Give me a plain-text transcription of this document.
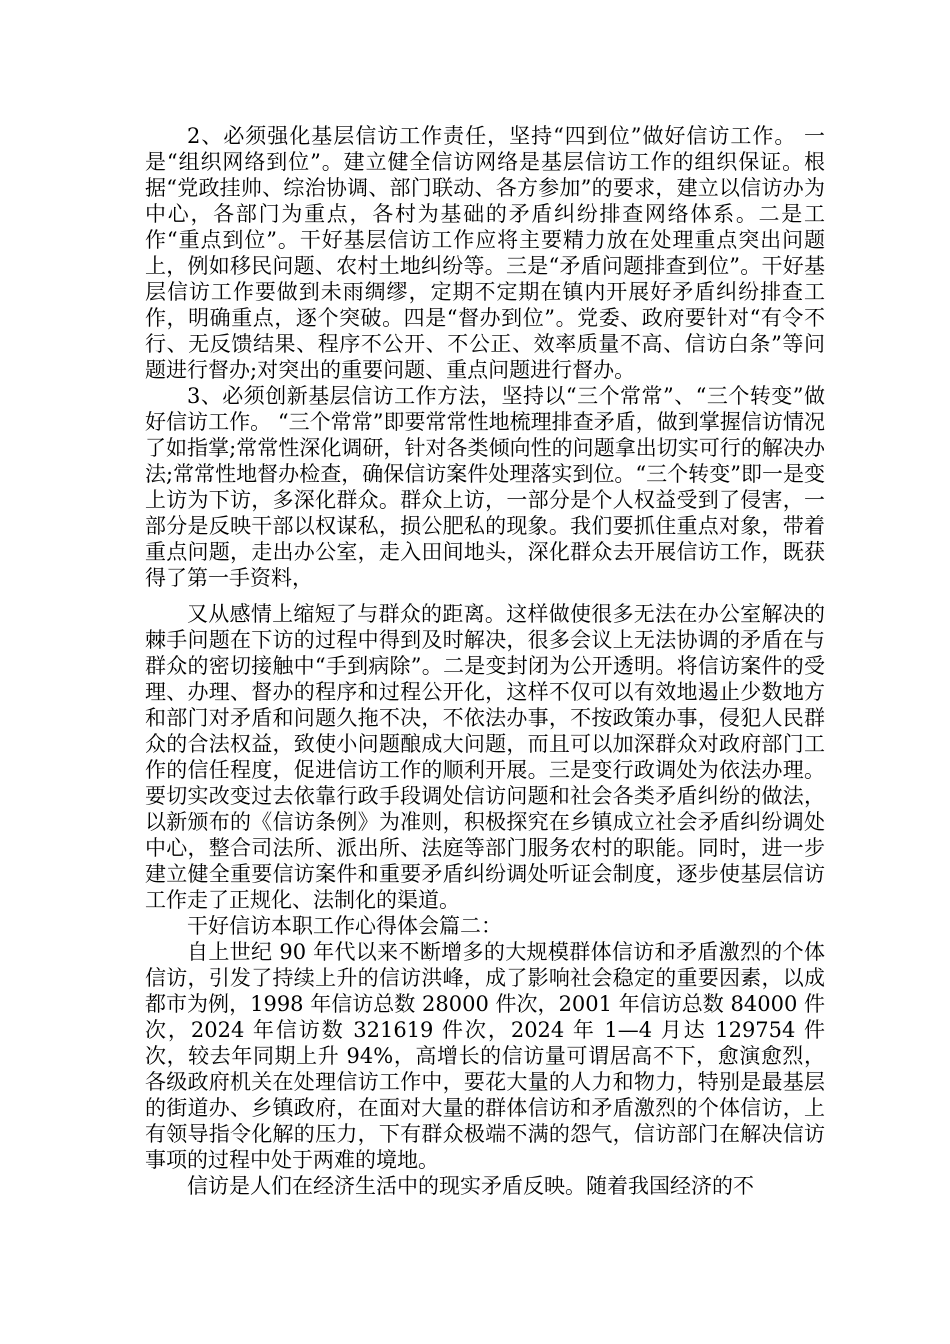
2、必须强化基层信访工作责任，坚持“四到位”做好信访工作。 一是“组织网络到位”。建立健全信访网络是基层信访工作的组织保证。根据“党政挂帅、综治协调、部门联动、各方参加”的要求，建立以信访办为中心，各部门为重点，各村为基础的矛盾纠纷排查网络体系。二是工作“重点到位”。干好基层信访工作应将主要精力放在处理重点突出问题上，例如移民问题、农村土地纠纷等。三是“矛盾问题排查到位”。干好基层信访工作要做到未雨绸缪，定期不定期在镇内开展好矛盾纠纷排查工作，明确重点，逐个突破。四是“督办到位”。党委、政府要针对“有令不行、无反馈结果、程序不公开、不公正、效率质量不高、信访白条”等问题进行督办;对突出的重要问题、重点问题进行督办。

3、必须创新基层信访工作方法，坚持以“三个常常”、“三个转变”做好信访工作。 “三个常常”即要常常性地梳理排查矛盾，做到掌握信访情况了如指掌;常常性深化调研，针对各类倾向性的问题拿出切实可行的解决办法;常常性地督办检查，确保信访案件处理落实到位。“三个转变”即一是变上访为下访，多深化群众。群众上访，一部分是个人权益受到了侵害，一部分是反映干部以权谋私，损公肥私的现象。我们要抓住重点对象，带着重点问题，走出办公室，走入田间地头，深化群众去开展信访工作，既获得了第一手资料，

又从感情上缩短了与群众的距离。这样做使很多无法在办公室解决的棘手问题在下访的过程中得到及时解决，很多会议上无法协调的矛盾在与群众的密切接触中“手到病除”。二是变封闭为公开透明。将信访案件的受理、办理、督办的程序和过程公开化，这样不仅可以有效地遏止少数地方和部门对矛盾和问题久拖不决，不依法办事，不按政策办事，侵犯人民群众的合法权益，致使小问题酿成大问题，而且可以加深群众对政府部门工作的信任程度，促进信访工作的顺利开展。三是变行政调处为依法办理。要切实改变过去依靠行政手段调处信访问题和社会各类矛盾纠纷的做法，以新颁布的《信访条例》为准则，积极探究在乡镇成立社会矛盾纠纷调处中心，整合司法所、派出所、法庭等部门服务农村的职能。同时，进一步建立健全重要信访案件和重要矛盾纠纷调处听证会制度，逐步使基层信访工作走了正规化、法制化的渠道。

干好信访本职工作心得体会篇二：

自上世纪 90 年代以来不断增多的大规模群体信访和矛盾激烈的个体信访，引发了持续上升的信访洪峰，成了影响社会稳定的重要因素，以成都市为例，1998 年信访总数 28000 件次，2001 年信访总数 84000 件次，2024 年信访数 321619 件次，2024 年 1—4 月达 129754 件次，较去年同期上升 94%，高增长的信访量可谓居高不下，愈演愈烈，各级政府机关在处理信访工作中，要花大量的人力和物力，特别是最基层的街道办、乡镇政府，在面对大量的群体信访和矛盾激烈的个体信访，上有领导指令化解的压力，下有群众极端不满的怨气，信访部门在解决信访事项的过程中处于两难的境地。

信访是人们在经济生活中的现实矛盾反映。随着我国经济的不
